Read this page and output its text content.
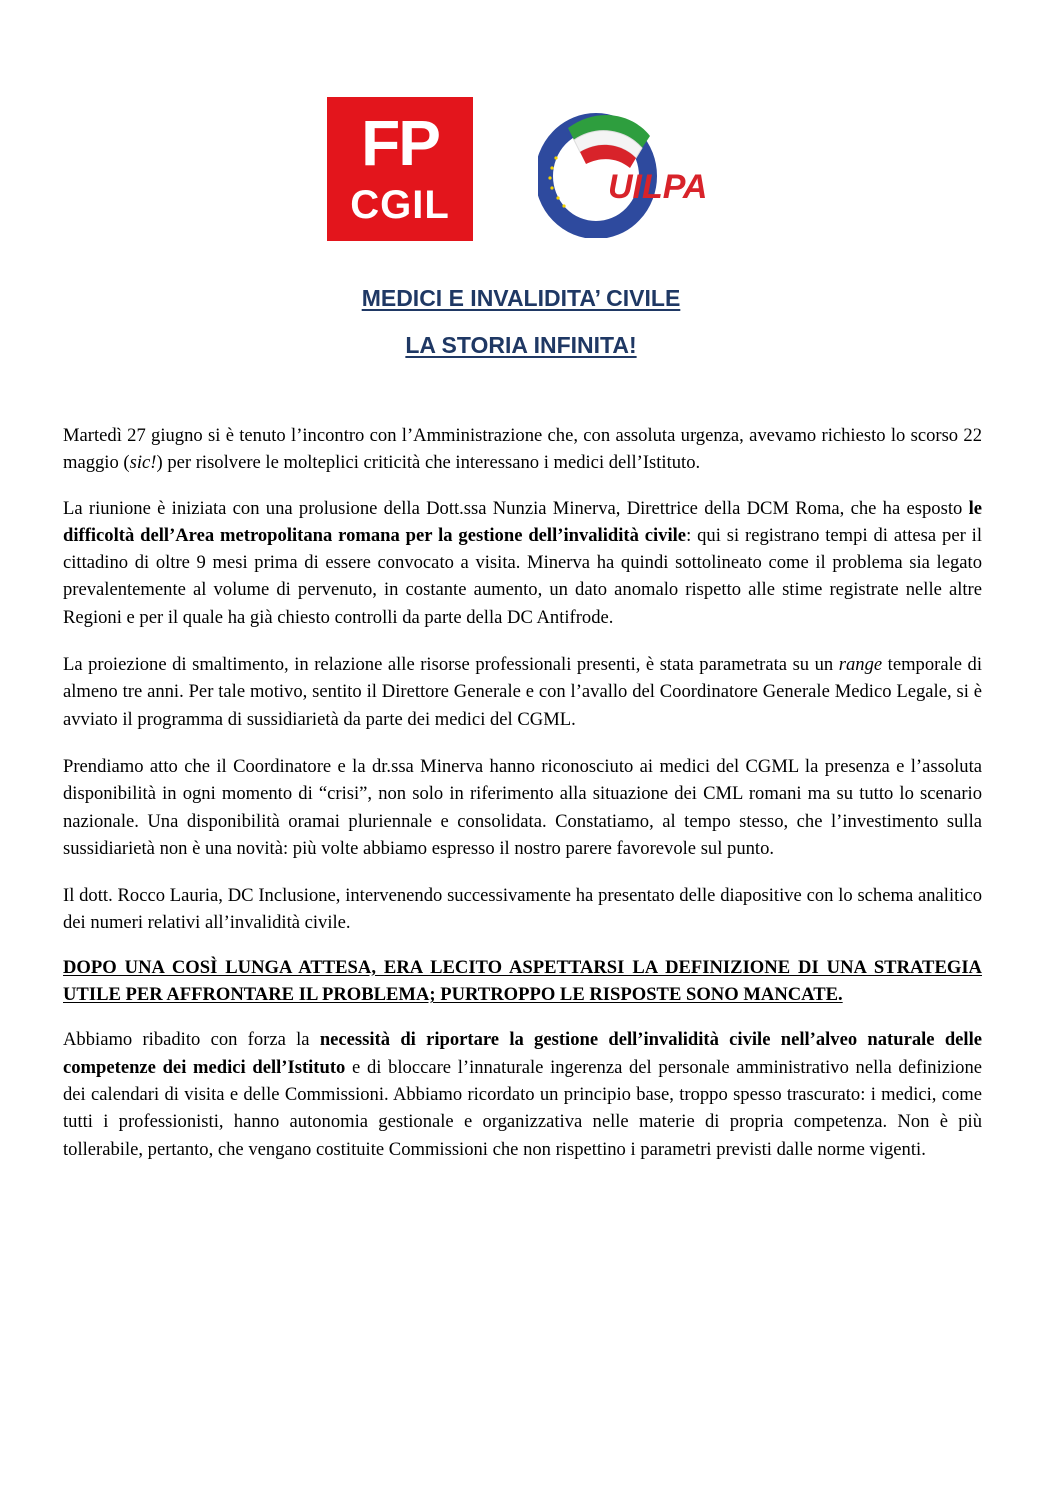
FP
CGIL	UILPA
MEDICI E INVALIDITA’ CIVILE
LA STORIA INFINITA!

Martedì 27 giugno si è tenuto l’incontro con l’Amministrazione che, con assoluta urgenza, avevamo richiesto lo scorso 22 maggio (sic!) per risolvere le molteplici criticità che interessano i medici dell’Istituto.

La riunione è iniziata con una prolusione della Dott.ssa Nunzia Minerva, Direttrice della DCM Roma, che ha esposto le difficoltà dell’Area metropolitana romana per la gestione dell’invalidità civile: qui si registrano tempi di attesa per il cittadino di oltre 9 mesi prima di essere convocato a visita. Minerva ha quindi sottolineato come il problema sia legato prevalentemente al volume di pervenuto, in costante aumento, un dato anomalo rispetto alle stime registrate nelle altre Regioni e per il quale ha già chiesto controlli da parte della DC Antifrode.

La proiezione di smaltimento, in relazione alle risorse professionali presenti, è stata parametrata su un range temporale di almeno tre anni. Per tale motivo, sentito il Direttore Generale e con l’avallo del Coordinatore Generale Medico Legale, si è avviato il programma di sussidiarietà da parte dei medici del CGML.

Prendiamo atto che il Coordinatore e la dr.ssa Minerva hanno riconosciuto ai medici del CGML la presenza e l’assoluta disponibilità in ogni momento di “crisi”, non solo in riferimento alla situazione dei CML romani ma su tutto lo scenario nazionale. Una disponibilità oramai pluriennale e consolidata. Constatiamo, al tempo stesso, che l’investimento sulla sussidiarietà non è una novità: più volte abbiamo espresso il nostro parere favorevole sul punto.

Il dott. Rocco Lauria, DC Inclusione, intervenendo successivamente ha presentato delle diapositive con lo schema analitico dei numeri relativi all’invalidità civile.

DOPO UNA COSÌ LUNGA ATTESA, ERA LECITO ASPETTARSI LA DEFINIZIONE DI UNA STRATEGIA UTILE PER AFFRONTARE IL PROBLEMA; PURTROPPO LE RISPOSTE SONO MANCATE.

Abbiamo ribadito con forza la necessità di riportare la gestione dell’invalidità civile nell’alveo naturale delle competenze dei medici dell’Istituto e di bloccare l’innaturale ingerenza del personale amministrativo nella definizione dei calendari di visita e delle Commissioni. Abbiamo ricordato un principio base, troppo spesso trascurato: i medici, come tutti i professionisti, hanno autonomia gestionale e organizzativa nelle materie di propria competenza. Non è più tollerabile, pertanto, che vengano costituite Commissioni che non rispettino i parametri previsti dalle norme vigenti.
